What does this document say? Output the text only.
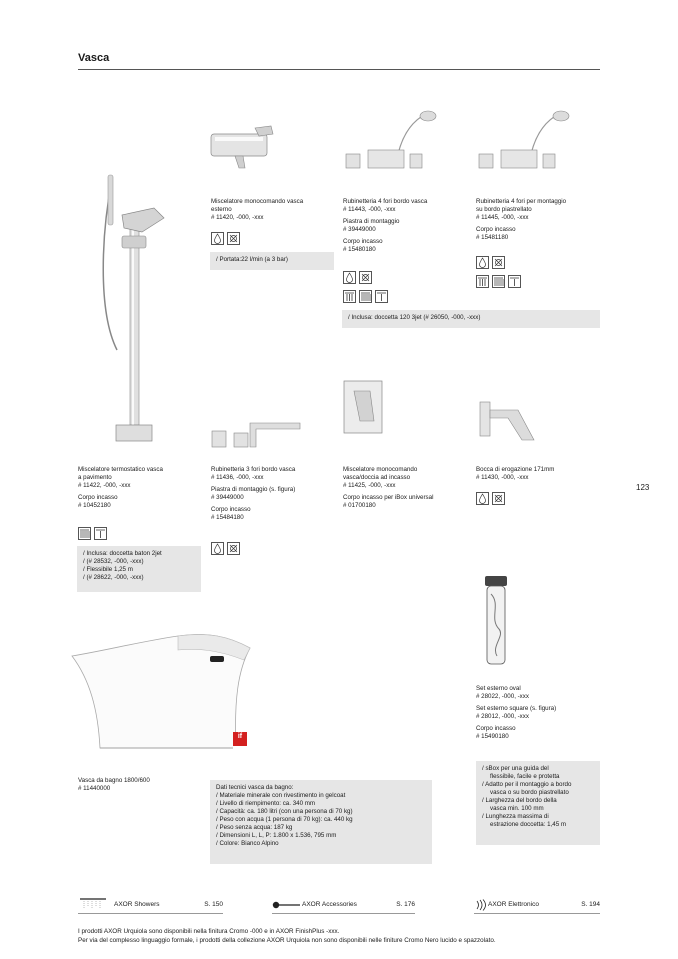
Vasca
123
if
Miscelatore monocomando vasca
esterno
# 11420, -000, -xxx
/ Portata:22 l/min (a 3 bar)
Rubinetteria 4 fori bordo vasca
# 11443, -000, -xxx
Piastra di montaggio
# 39449000
Corpo incasso
# 15480180
Rubinetteria 4 fori per montaggio
su bordo piastrellato
# 11445, -000, -xxx
Corpo incasso
# 15481180
/ Inclusa: doccetta 120 3jet (# 26050, -000, -xxx)
Miscelatore termostatico vasca
a pavimento
# 11422, -000, -xxx
Corpo incasso
# 10452180
/ Inclusa: doccetta baton 2jet
/ (# 28532, -000, -xxx)
/ Flessibile 1,25 m
/ (# 28622, -000, -xxx)
Rubinetteria 3 fori bordo vasca
# 11436, -000, -xxx
Piastra di montaggio (s. figura)
# 39449000
Corpo incasso
# 15484180
Miscelatore monocomando
vasca/doccia ad incasso
# 11425, -000, -xxx
Corpo incasso per iBox universal
# 01700180
Bocca di erogazione 171mm
# 11430, -000, -xxx
Set esterno oval
# 28022, -000, -xxx
Set esterno square (s. figura)
# 28012, -000, -xxx
Corpo incasso
# 15490180
/ sBox per una guida del
flessibile, facile e protetta
/ Adatto per il montaggio a bordo
vasca o su bordo piastrellato
/ Larghezza del bordo della
vasca min. 100 mm
/ Lunghezza massima di
estrazione doccetta: 1,45 m
Vasca da bagno 1800/600
# 11440000	Dati tecnici vasca da bagno:
/ Materiale minerale con rivestimento in gelcoat
/ Livello di riempimento: ca. 340 mm
/ Capacità: ca. 180 litri (con una persona di 70 kg)
/ Peso con acqua (1 persona di 70 kg): ca. 440 kg
/ Peso senza acqua: 187 kg
/ Dimensioni L, L, P: 1.800 x 1.536, 795 mm
/ Colore: Bianco Alpino
AXOR Showers	S. 150	AXOR Accessories	S. 176	AXOR Elettronico	S. 194
I prodotti AXOR Urquiola sono disponibili nella finitura Cromo -000 e in AXOR FinishPlus -xxx.
Per via del complesso linguaggio formale, i prodotti della collezione AXOR Urquiola non sono disponibili nelle finiture Cromo Nero lucido e spazzolato.
